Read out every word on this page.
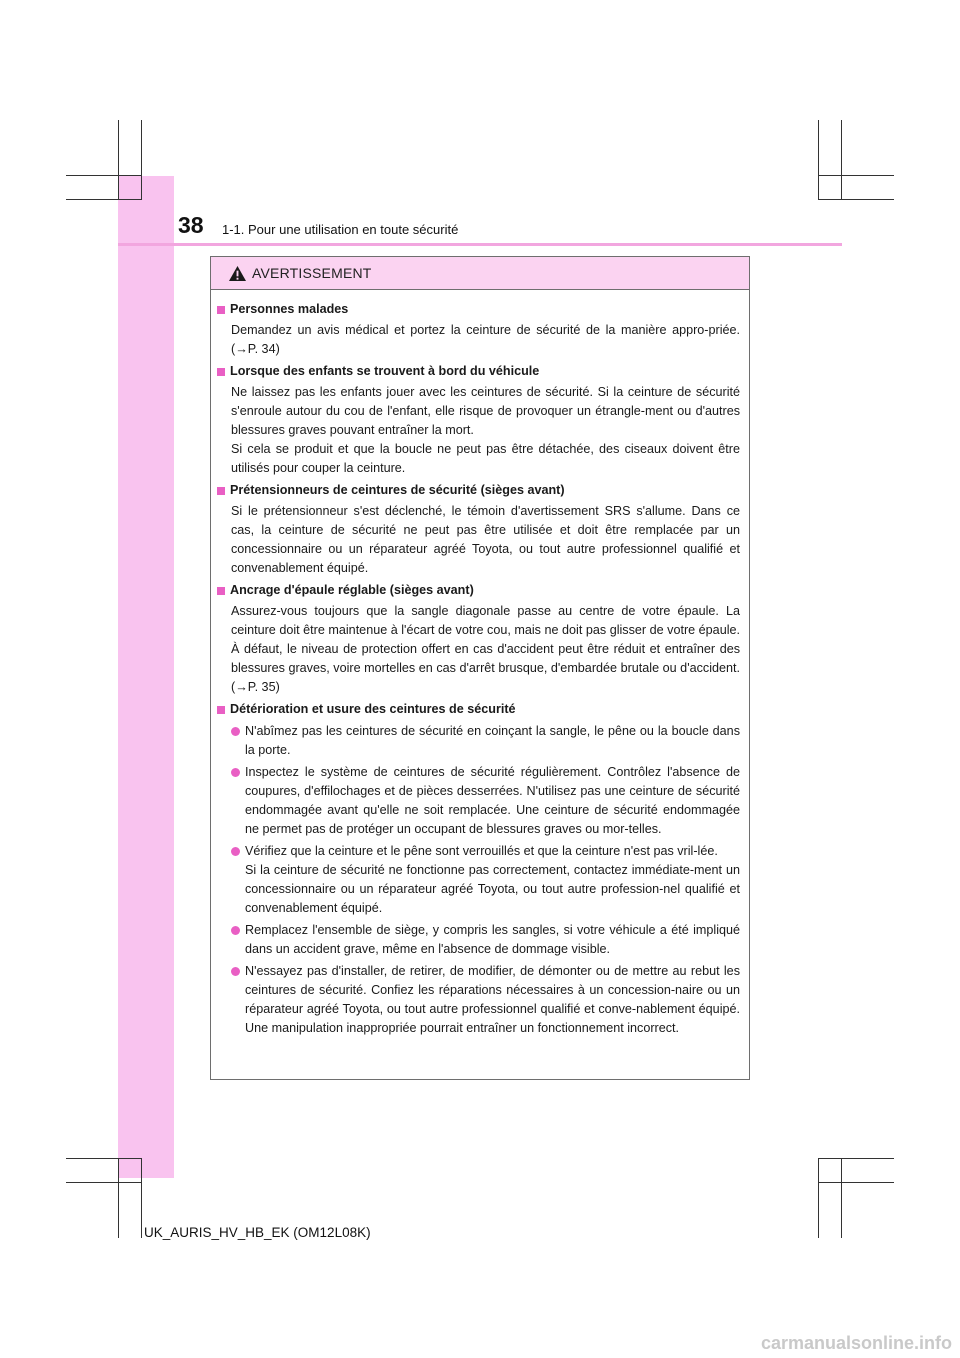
38 1-1. Pour une utilisation en toute sécurité
AVERTISSEMENT
Personnes malades

Demandez un avis médical et portez la ceinture de sécurité de la manière appro-priée. (→P. 34)

Lorsque des enfants se trouvent à bord du véhicule

Ne laissez pas les enfants jouer avec les ceintures de sécurité. Si la ceinture de sécurité s'enroule autour du cou de l'enfant, elle risque de provoquer un étrangle-ment ou d'autres blessures graves pouvant entraîner la mort.

Si cela se produit et que la boucle ne peut pas être détachée, des ciseaux doivent être utilisés pour couper la ceinture.

Prétensionneurs de ceintures de sécurité (sièges avant)

Si le prétensionneur s'est déclenché, le témoin d'avertissement SRS s'allume. Dans ce cas, la ceinture de sécurité ne peut pas être utilisée et doit être remplacée par un concessionnaire ou un réparateur agréé Toyota, ou tout autre professionnel qualifié et convenablement équipé.

Ancrage d'épaule réglable (sièges avant)

Assurez-vous toujours que la sangle diagonale passe au centre de votre épaule. La ceinture doit être maintenue à l'écart de votre cou, mais ne doit pas glisser de votre épaule. À défaut, le niveau de protection offert en cas d'accident peut être réduit et entraîner des blessures graves, voire mortelles en cas d'arrêt brusque, d'embardée brutale ou d'accident. (→P. 35)

Détérioration et usure des ceintures de sécurité

N'abîmez pas les ceintures de sécurité en coinçant la sangle, le pêne ou la boucle dans la porte.

Inspectez le système de ceintures de sécurité régulièrement. Contrôlez l'absence de coupures, d'effilochages et de pièces desserrées. N'utilisez pas une ceinture de sécurité endommagée avant qu'elle ne soit remplacée. Une ceinture de sécurité endommagée ne permet pas de protéger un occupant de blessures graves ou mor-telles.

Vérifiez que la ceinture et le pêne sont verrouillés et que la ceinture n'est pas vril-lée.

Si la ceinture de sécurité ne fonctionne pas correctement, contactez immédiate-ment un concessionnaire ou un réparateur agréé Toyota, ou tout autre profession-nel qualifié et convenablement équipé.

Remplacez l'ensemble de siège, y compris les sangles, si votre véhicule a été impliqué dans un accident grave, même en l'absence de dommage visible.

N'essayez pas d'installer, de retirer, de modifier, de démonter ou de mettre au rebut les ceintures de sécurité. Confiez les réparations nécessaires à un concession-naire ou un réparateur agréé Toyota, ou tout autre professionnel qualifié et conve-nablement équipé. Une manipulation inappropriée pourrait entraîner un fonctionnement incorrect.

UK_AURIS_HV_HB_EK (OM12L08K)
carmanualsonline.info
